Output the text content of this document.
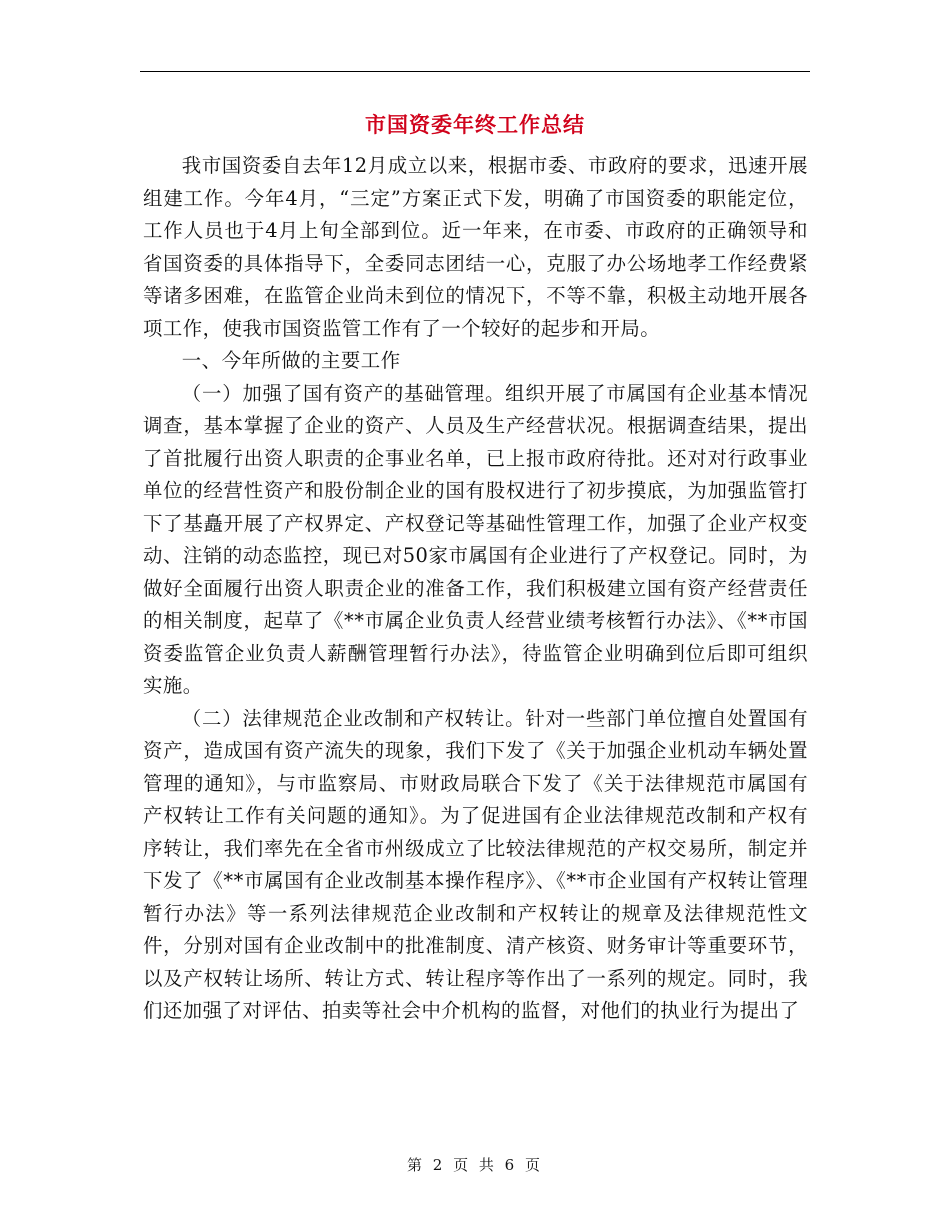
市国资委年终工作总结

我市国资委自去年12月成立以来，根据市委、市政府的要求，迅速开展组建工作。今年4月，“三定”方案正式下发，明确了市国资委的职能定位，工作人员也于4月上旬全部到位。近一年来，在市委、市政府的正确领导和省国资委的具体指导下，全委同志团结一心，克服了办公场地孝工作经费紧等诸多困难，在监管企业尚未到位的情况下，不等不靠，积极主动地开展各项工作，使我市国资监管工作有了一个较好的起步和开局。

一、今年所做的主要工作

（一）加强了国有资产的基础管理。组织开展了市属国有企业基本情况调查，基本掌握了企业的资产、人员及生产经营状况。根据调查结果，提出了首批履行出资人职责的企事业名单，已上报市政府待批。还对对行政事业单位的经营性资产和股份制企业的国有股权进行了初步摸底，为加强监管打下了基矗开展了产权界定、产权登记等基础性管理工作，加强了企业产权变动、注销的动态监控，现已对50家市属国有企业进行了产权登记。同时，为做好全面履行出资人职责企业的准备工作，我们积极建立国有资产经营责任的相关制度，起草了《**市属企业负责人经营业绩考核暂行办法》、《**市国资委监管企业负责人薪酬管理暂行办法》，待监管企业明确到位后即可组织实施。

（二）法律规范企业改制和产权转让。针对一些部门单位擅自处置国有资产，造成国有资产流失的现象，我们下发了《关于加强企业机动车辆处置管理的通知》，与市监察局、市财政局联合下发了《关于法律规范市属国有产权转让工作有关问题的通知》。为了促进国有企业法律规范改制和产权有序转让，我们率先在全省市州级成立了比较法律规范的产权交易所，制定并下发了《**市属国有企业改制基本操作程序》、《**市企业国有产权转让管理暂行办法》等一系列法律规范企业改制和产权转让的规章及法律规范性文件，分别对国有企业改制中的批准制度、清产核资、财务审计等重要环节，以及产权转让场所、转让方式、转让程序等作出了一系列的规定。同时，我们还加强了对评估、拍卖等社会中介机构的监督，对他们的执业行为提出了

第 2 页 共 6 页
